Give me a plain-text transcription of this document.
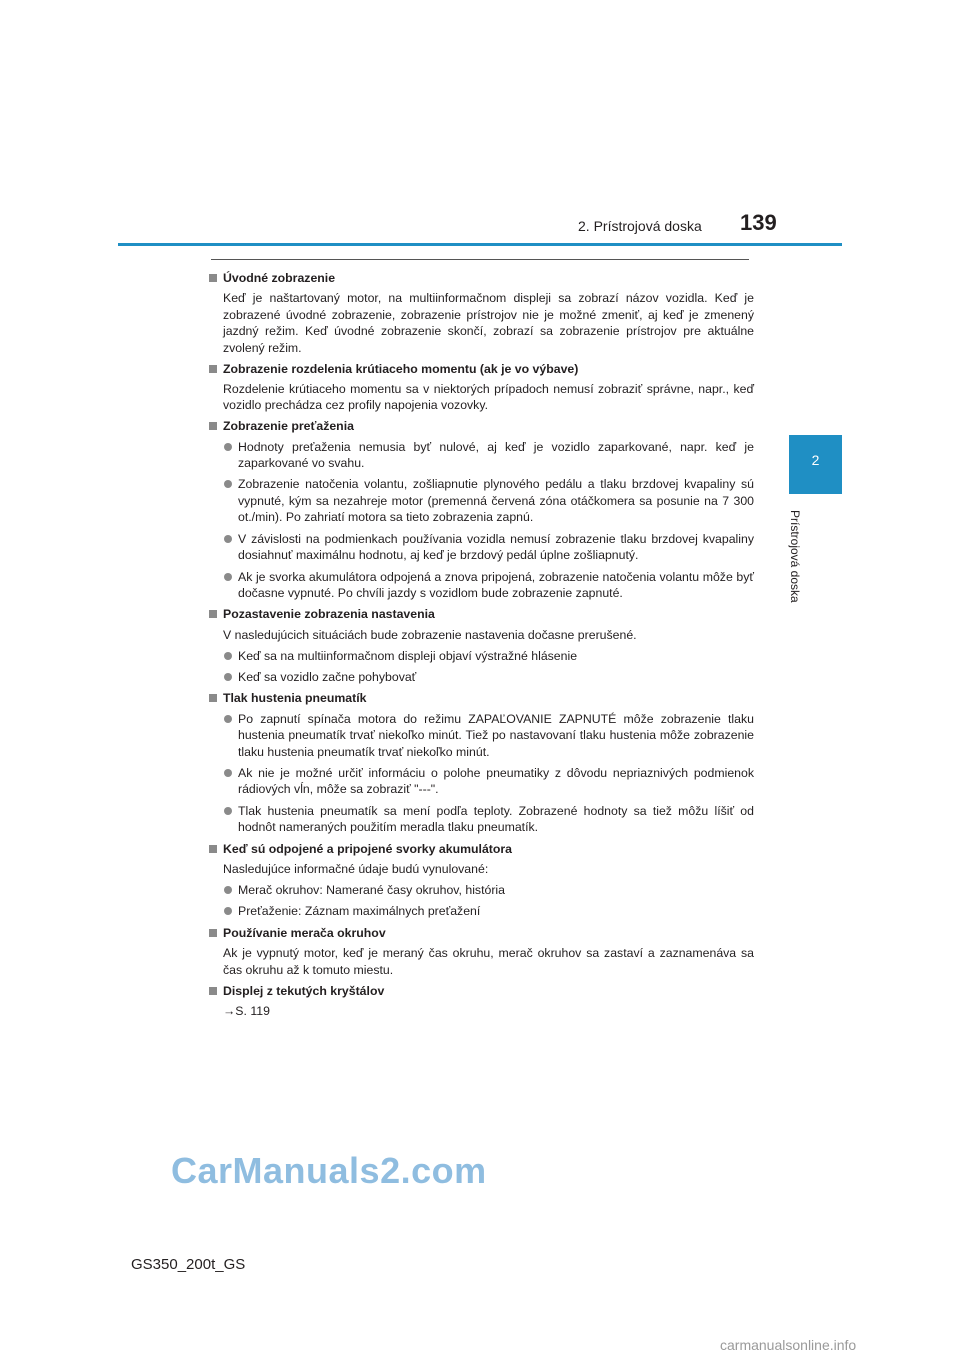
2. Prístrojová doska 139
2
Prístrojová doska
Úvodné zobrazenie
Keď je naštartovaný motor, na multiinformačnom displeji sa zobrazí názov vozidla. Keď je zobrazené úvodné zobrazenie, zobrazenie prístrojov nie je možné zmeniť, aj keď je zmenený jazdný režim. Keď úvodné zobrazenie skončí, zobrazí sa zobrazenie prístrojov pre aktuálne zvolený režim.
Zobrazenie rozdelenia krútiaceho momentu (ak je vo výbave)
Rozdelenie krútiaceho momentu sa v niektorých prípadoch nemusí zobraziť správne, napr., keď vozidlo prechádza cez profily napojenia vozovky.
Zobrazenie preťaženia
Hodnoty preťaženia nemusia byť nulové, aj keď je vozidlo zaparkované, napr. keď je zaparkované vo svahu.
Zobrazenie natočenia volantu, zošliapnutie plynového pedálu a tlaku brzdovej kvapaliny sú vypnuté, kým sa nezahreje motor (premenná červená zóna otáčkomera sa posunie na 7 300 ot./min). Po zahriatí motora sa tieto zobrazenia zapnú.
V závislosti na podmienkach používania vozidla nemusí zobrazenie tlaku brzdovej kvapaliny dosiahnuť maximálnu hodnotu, aj keď je brzdový pedál úplne zošliapnutý.
Ak je svorka akumulátora odpojená a znova pripojená, zobrazenie natočenia volantu môže byť dočasne vypnuté. Po chvíli jazdy s vozidlom bude zobrazenie zapnuté.
Pozastavenie zobrazenia nastavenia
V nasledujúcich situáciách bude zobrazenie nastavenia dočasne prerušené.
Keď sa na multiinformačnom displeji objaví výstražné hlásenie
Keď sa vozidlo začne pohybovať
Tlak hustenia pneumatík
Po zapnutí spínača motora do režimu ZAPAĽOVANIE ZAPNUTÉ môže zobrazenie tlaku hustenia pneumatík trvať niekoľko minút. Tiež po nastavovaní tlaku hustenia môže zobrazenie tlaku hustenia pneumatík trvať niekoľko minút.
Ak nie je možné určiť informáciu o polohe pneumatiky z dôvodu nepriaznivých podmienok rádiových vĺn, môže sa zobraziť "---".
Tlak hustenia pneumatík sa mení podľa teploty. Zobrazené hodnoty sa tiež môžu líšiť od hodnôt nameraných použitím meradla tlaku pneumatík.
Keď sú odpojené a pripojené svorky akumulátora
Nasledujúce informačné údaje budú vynulované:
Merač okruhov: Namerané časy okruhov, história
Preťaženie: Záznam maximálnych preťažení
Používanie merača okruhov
Ak je vypnutý motor, keď je meraný čas okruhu, merač okruhov sa zastaví a zaznamenáva sa čas okruhu až k tomuto miestu.
Displej z tekutých kryštálov
→S. 119
CarManuals2.com
GS350_200t_GS
carmanualsonline.info
